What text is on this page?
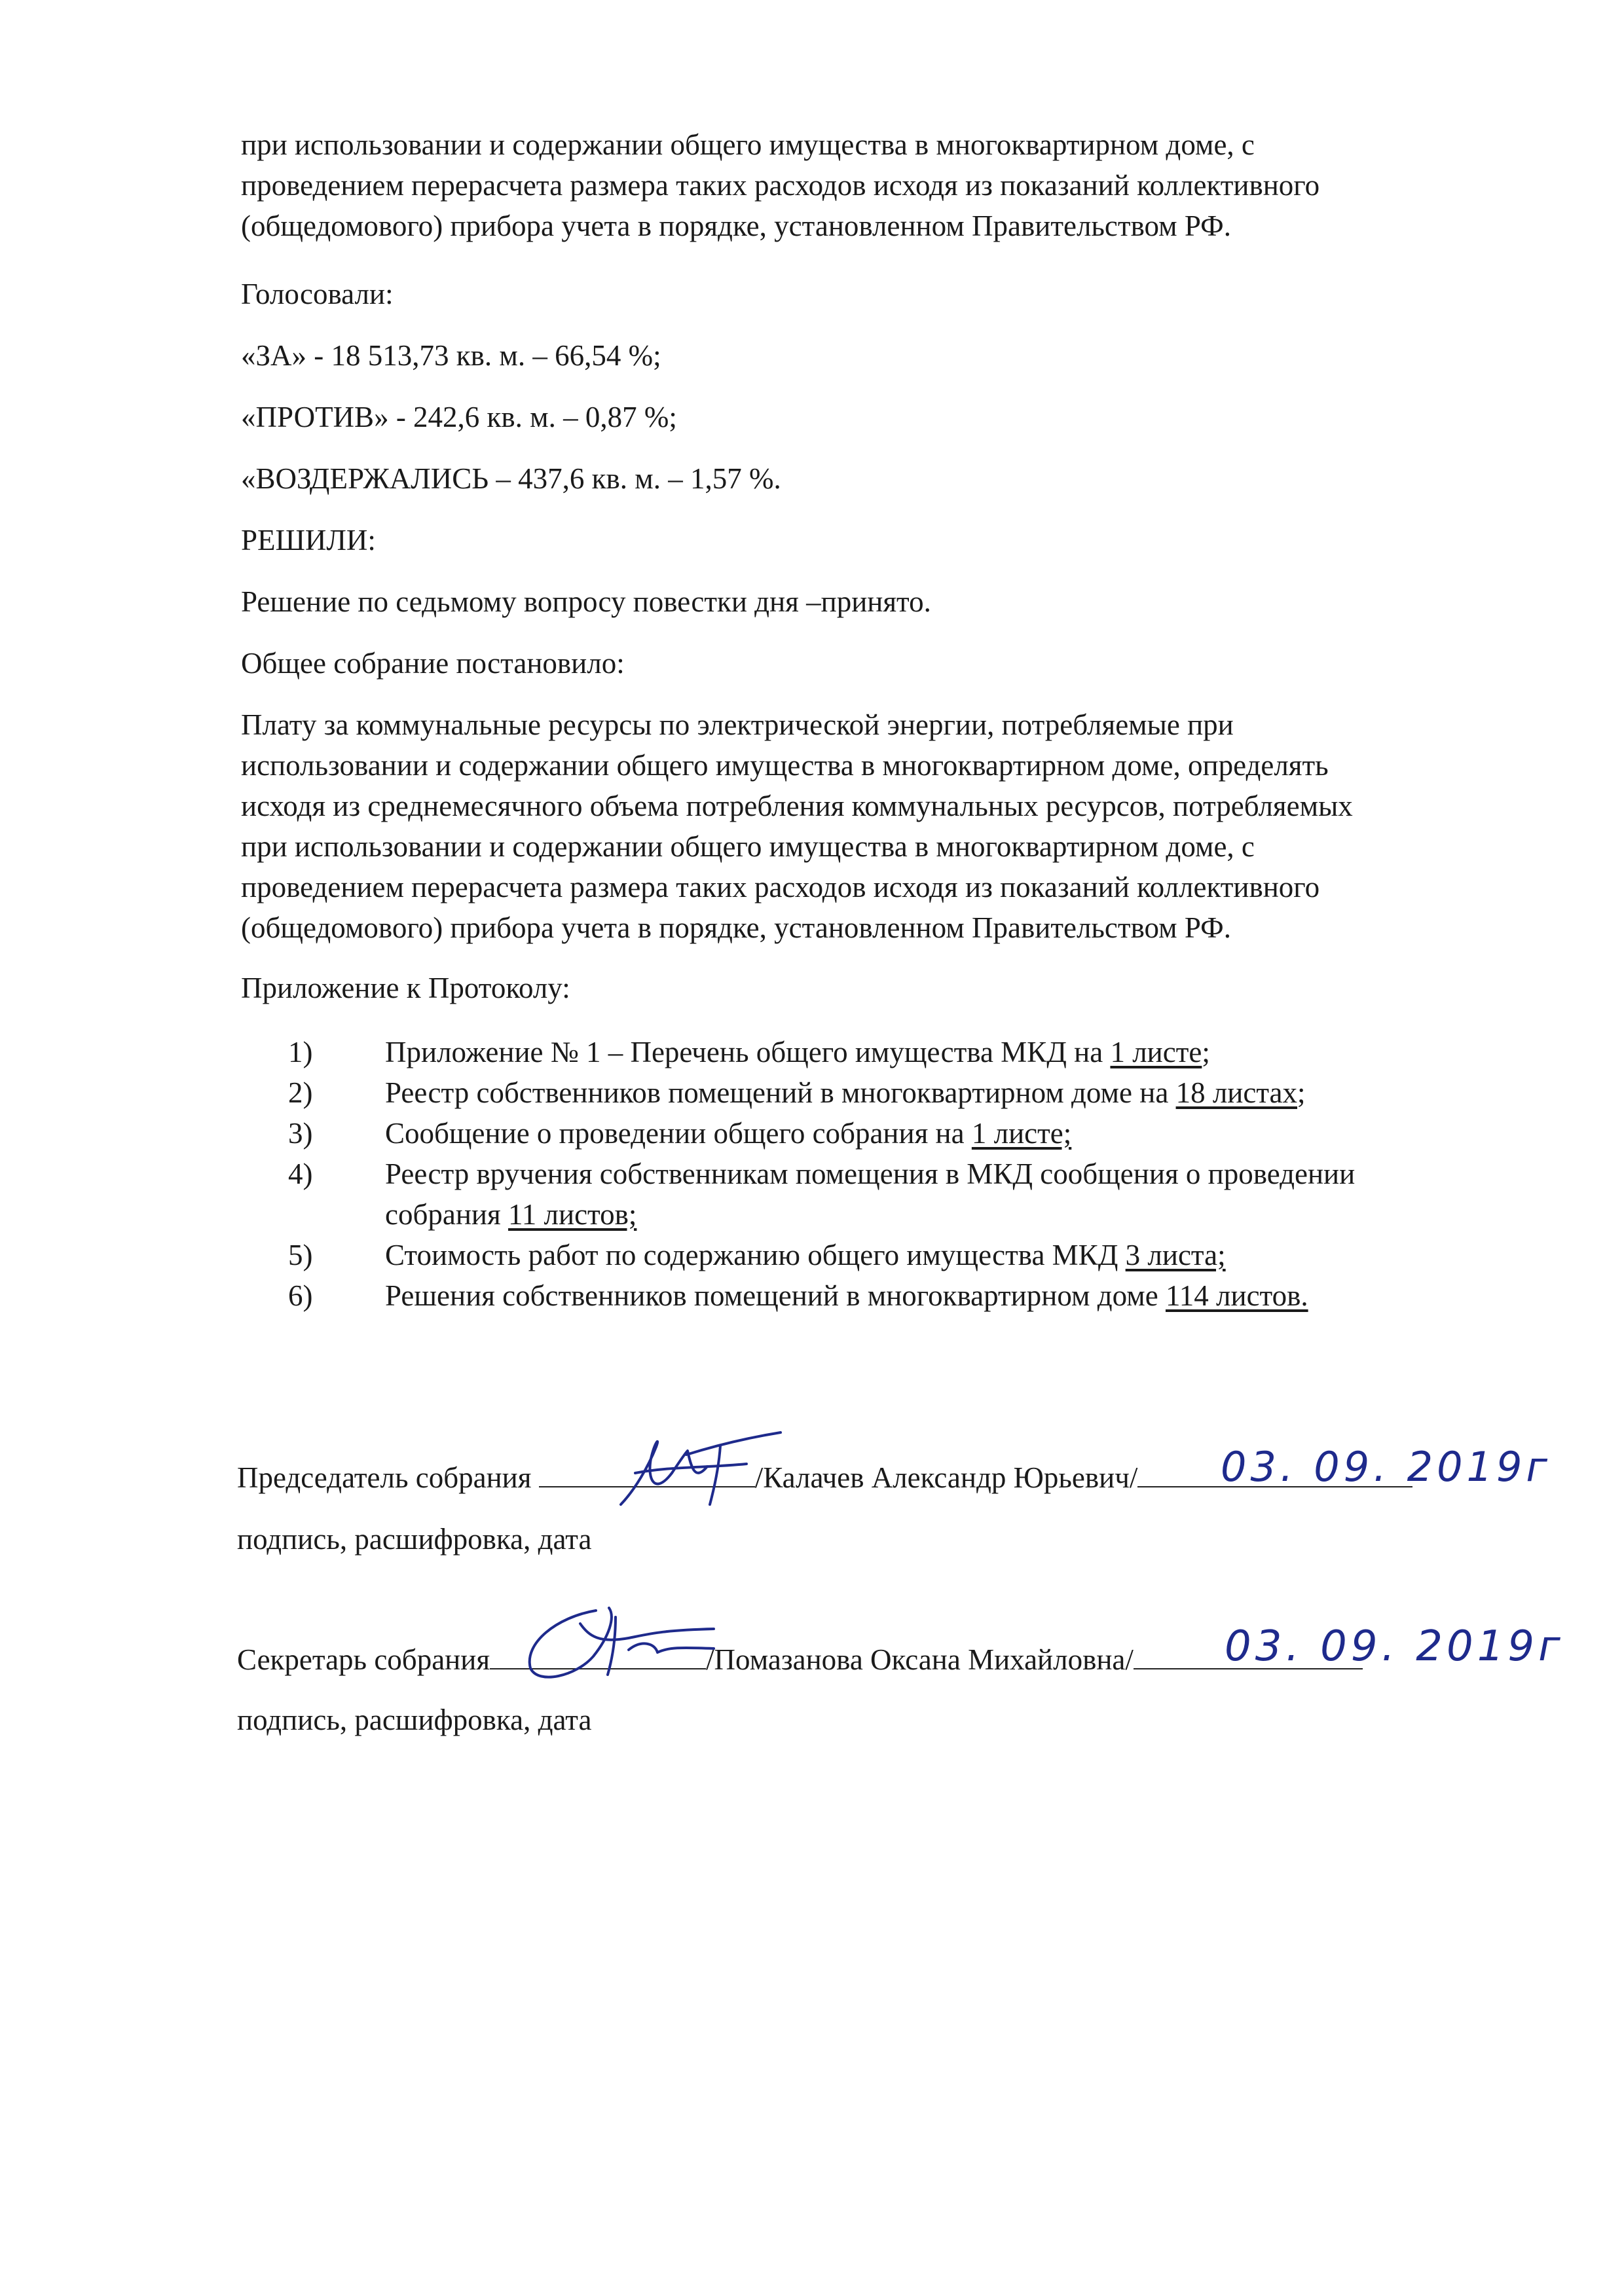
при использовании и содержании общего имущества в многоквартирном доме, с

проведением перерасчета размера таких расходов исходя из показаний коллективного

(общедомового) прибора учета в порядке, установленном Правительством РФ.

Голосовали:

«ЗА» - 18 513,73 кв. м. – 66,54 %;

«ПРОТИВ» - 242,6 кв. м. – 0,87 %;

«ВОЗДЕРЖАЛИСЬ – 437,6 кв. м. – 1,57 %.

РЕШИЛИ:

Решение по седьмому вопросу повестки дня –принято.

Общее собрание постановило:

Плату за коммунальные ресурсы по электрической энергии, потребляемые при

использовании и содержании общего имущества в многоквартирном доме, определять

исходя из среднемесячного объема потребления коммунальных ресурсов, потребляемых

при использовании и содержании общего имущества в многоквартирном доме, с

проведением перерасчета размера таких расходов исходя из показаний коллективного

(общедомового) прибора учета в порядке, установленном Правительством РФ.

Приложение к Протоколу:

1) Приложение № 1 – Перечень общего имущества МКД на 1 листе;
2) Реестр собственников помещений в многоквартирном доме на 18 листах;
3) Сообщение о проведении общего собрания на 1 листе;
4) Реестр вручения собственникам помещения в МКД сообщения о проведении
собрания 11 листов;
5) Стоимость работ по содержанию общего имущества МКД 3 листа;
6) Решения собственников помещений в многоквартирном доме 114 листов.
Председатель собрания	/Калачев Александр Юрьевич/	03. 09. 2019г
подпись, расшифровка, дата
Секретарь собрания	/Помазанова Оксана Михайловна/	03. 09. 2019г
подпись, расшифровка, дата
